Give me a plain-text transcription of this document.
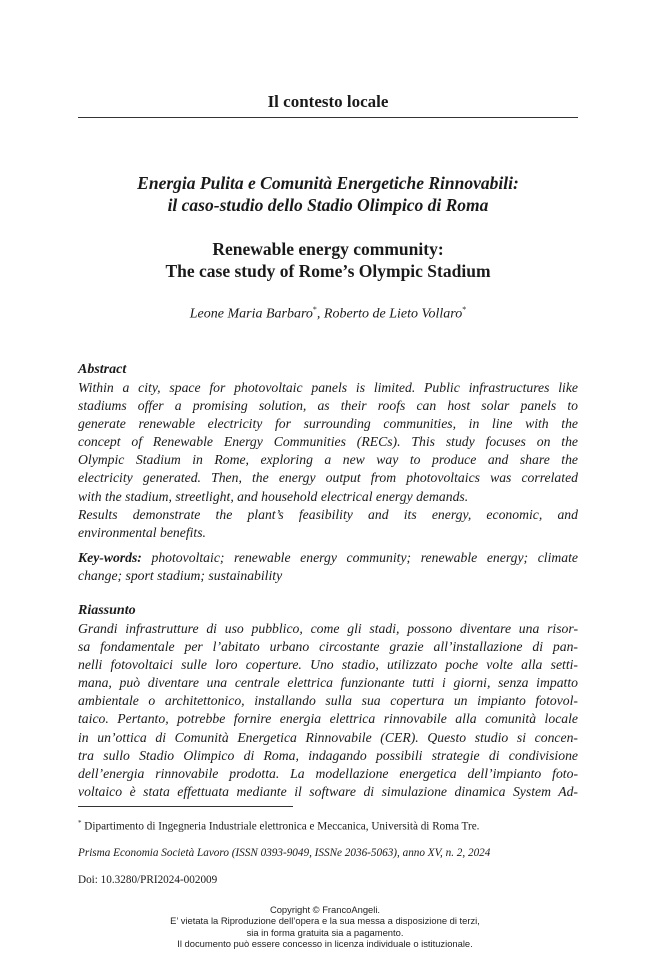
Il contesto locale
Energia Pulita e Comunità Energetiche Rinnovabili:
il caso-studio dello Stadio Olimpico di Roma
Renewable energy community:
The case study of Rome’s Olympic Stadium
Leone Maria Barbaro*, Roberto de Lieto Vollaro*
Abstract
Within a city, space for photovoltaic panels is limited. Public infrastructures like
stadiums offer a promising solution, as their roofs can host solar panels to
generate renewable electricity for surrounding communities, in line with the
concept of Renewable Energy Communities (RECs). This study focuses on the
Olympic Stadium in Rome, exploring a new way to produce and share the
electricity generated. Then, the energy output from photovoltaics was correlated
with the stadium, streetlight, and household electrical energy demands.
Results demonstrate the plant’s feasibility and its energy, economic, and
environmental benefits.
Key-words: photovoltaic; renewable energy community; renewable energy; climate
change; sport stadium; sustainability
Riassunto
Grandi infrastrutture di uso pubblico, come gli stadi, possono diventare una risor-
sa fondamentale per l’abitato urbano circostante grazie all’installazione di pan-
nelli fotovoltaici sulle loro coperture. Uno stadio, utilizzato poche volte alla setti-
mana, può diventare una centrale elettrica funzionante tutti i giorni, senza impatto
ambientale o architettonico, installando sulla sua copertura un impianto fotovol-
taico. Pertanto, potrebbe fornire energia elettrica rinnovabile alla comunità locale
in un’ottica di Comunità Energetica Rinnovabile (CER). Questo studio si concen-
tra sullo Stadio Olimpico di Roma, indagando possibili strategie di condivisione
dell’energia rinnovabile prodotta. La modellazione energetica dell’impianto foto-
voltaico è stata effettuata mediante il software di simulazione dinamica System Ad-
* Dipartimento di Ingegneria Industriale elettronica e Meccanica, Università di Roma Tre.
Prisma Economia Società Lavoro (ISSN 0393-9049, ISSNe 2036-5063), anno XV, n. 2, 2024
Doi: 10.3280/PRI2024-002009
Copyright © FrancoAngeli.
E’ vietata la Riproduzione dell’opera e la sua messa a disposizione di terzi,
sia in forma gratuita sia a pagamento.
Il documento può essere concesso in licenza individuale o istituzionale.
